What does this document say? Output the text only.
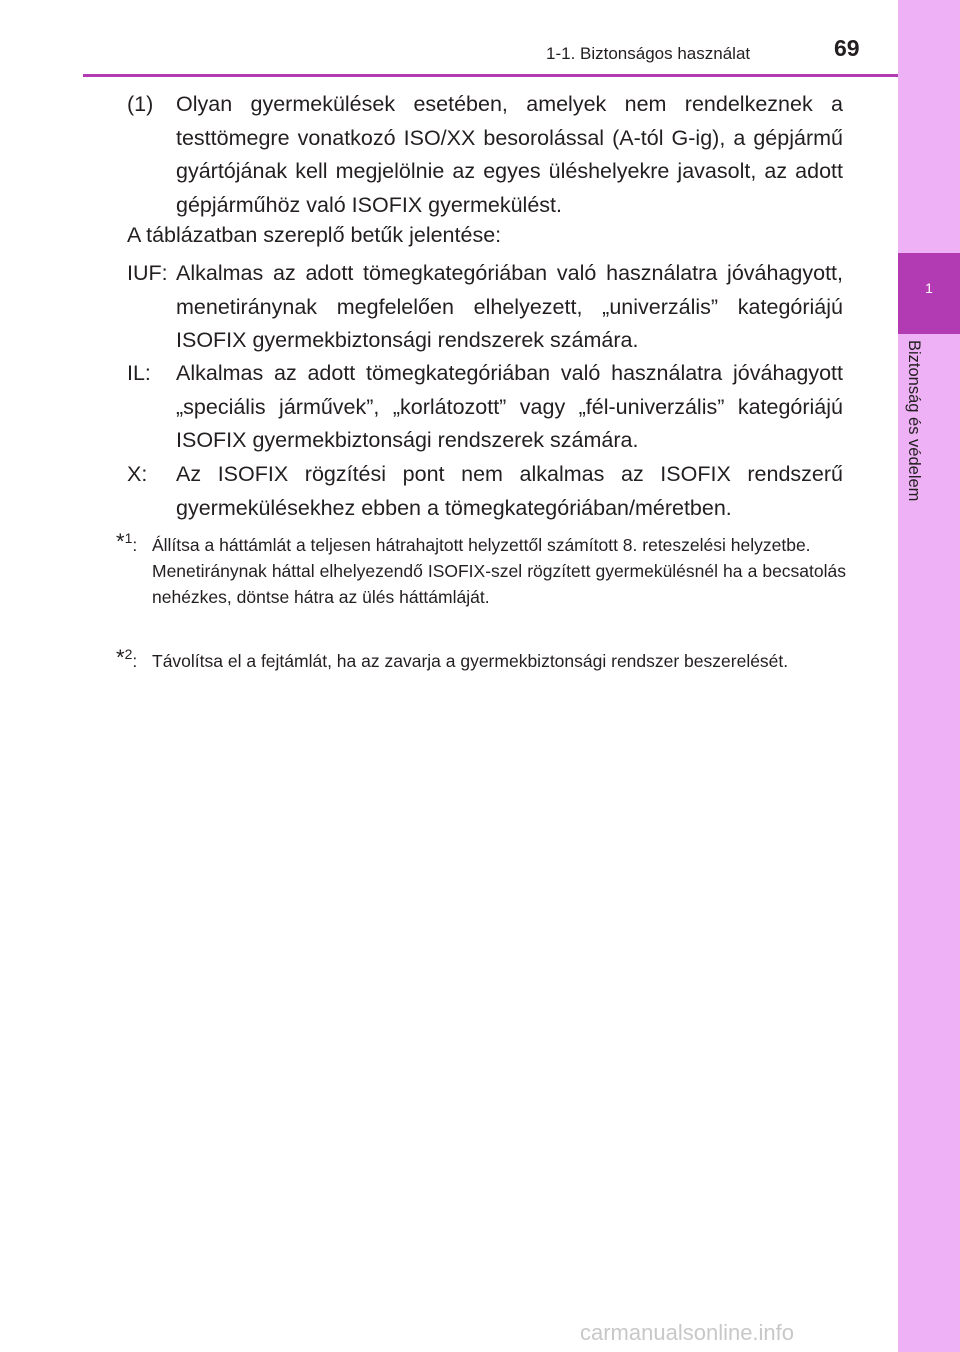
1-1. Biztonságos használat	69
1
Biztonság és védelem
(1) Olyan gyermekülések esetében, amelyek nem rendelkeznek a testtömegre vonatkozó ISO/XX besorolással (A-tól G-ig), a gépjármű gyártójának kell megjelölnie az egyes üléshelyekre javasolt, az adott gépjárműhöz való ISOFIX gyermekülést.
A táblázatban szereplő betűk jelentése:
IUF: Alkalmas az adott tömegkategóriában való használatra jóváhagyott, menetiránynak megfelelően elhelyezett, „univerzális” kategóriájú ISOFIX gyermekbiztonsági rendszerek számára.
IL: Alkalmas az adott tömegkategóriában való használatra jóváhagyott „speciális járművek”, „korlátozott” vagy „fél-univerzális” kategóriájú ISOFIX gyermekbiztonsági rendszerek számára.
X: Az ISOFIX rögzítési pont nem alkalmas az ISOFIX rendszerű gyermekülésekhez ebben a tömegkategóriában/méretben.
*$^1$: Állítsa a háttámlát a teljesen hátrahajtott helyzettől számított 8. reteszelési helyzetbe.
Menetiránynak háttal elhelyezendő ISOFIX-szel rögzített gyermekülésnél ha a becsatolás nehézkes, döntse hátra az ülés háttámláját.
*$^2$: Távolítsa el a fejtámlát, ha az zavarja a gyermekbiztonsági rendszer beszerelését.
carmanualsonline.info
